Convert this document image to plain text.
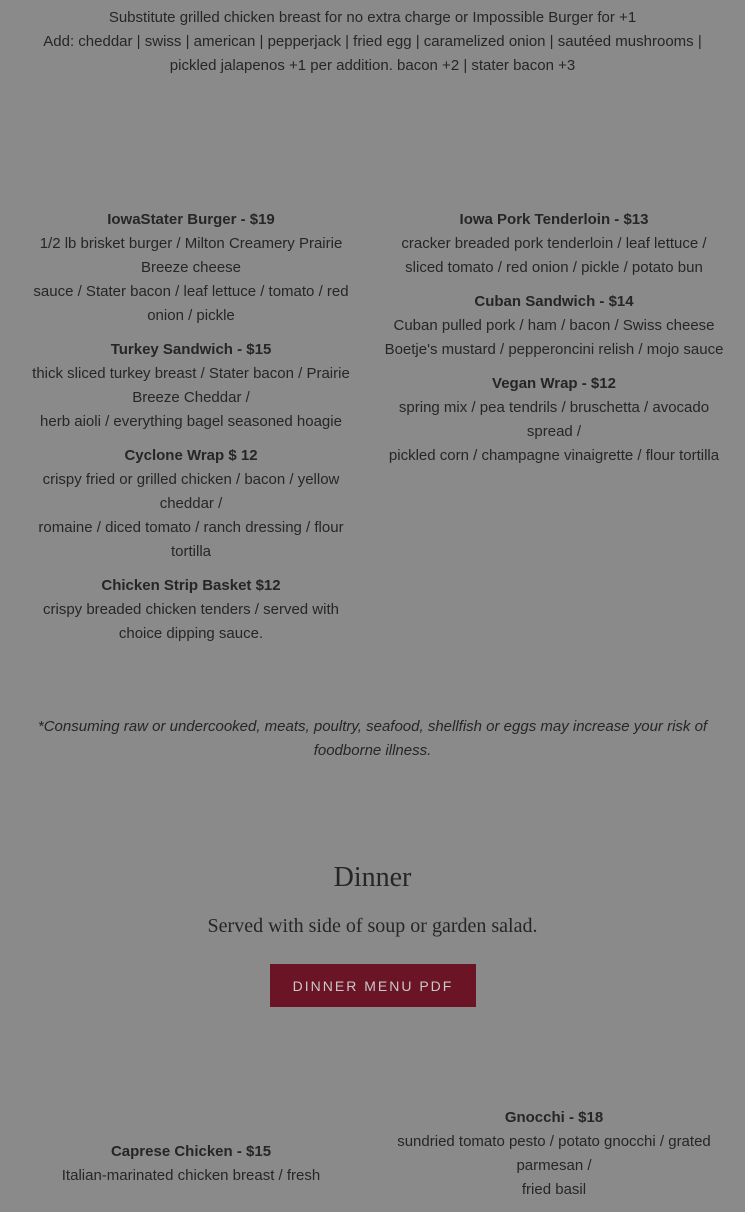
Substitute grilled chicken breast for no extra charge or Impossible Burger for +1

Add: cheddar | swiss | american | pepperjack | fried egg | caramelized onion | sautéed mushrooms | pickled jalapenos +1 per addition. bacon +2 | stater bacon +3

IowaStater Burger - $19

1/2 lb brisket burger / Milton Creamery Prairie Breeze cheese

sauce / Stater bacon / leaf lettuce / tomato / red onion / pickle

Turkey Sandwich - $15

thick sliced turkey breast / Stater bacon / Prairie Breeze Cheddar /

herb aioli / everything bagel seasoned hoagie

Cyclone Wrap $ 12

crispy fried or grilled chicken / bacon / yellow cheddar /

romaine / diced tomato / ranch dressing / flour tortilla

Chicken Strip Basket $12

crispy breaded chicken tenders / served with choice dipping sauce.

Iowa Pork Tenderloin - $13

cracker breaded pork tenderloin / leaf lettuce / sliced tomato / red onion / pickle / potato bun

Cuban Sandwich - $14

Cuban pulled pork / ham / bacon / Swiss cheese Boetje's mustard / pepperoncini relish / mojo sauce

Vegan Wrap - $12

spring mix / pea tendrils / bruschetta / avocado spread /

pickled corn / champagne vinaigrette / flour tortilla

*Consuming raw or undercooked, meats, poultry, seafood, shellfish or eggs may increase your risk of foodborne illness.
Dinner
Served with side of soup or garden salad.
DINNER MENU PDF
Caprese Chicken - $15

Italian-marinated chicken breast / fresh

Gnocchi - $18

sundried tomato pesto / potato gnocchi / grated parmesan /

fried basil
